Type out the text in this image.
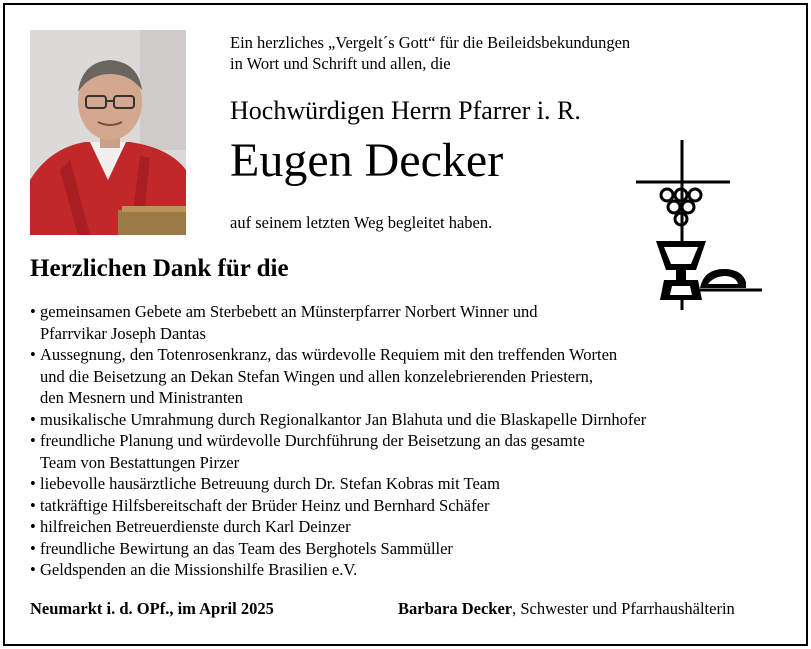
Ein herzliches „Vergelt´s Gott“ für die Beileidsbekundungen
in Wort und Schrift und allen, die
Hochwürdigen Herrn Pfarrer i. R.
Eugen Decker
auf seinem letzten Weg begleitet haben.
Herzlichen Dank für die
• gemeinsamen Gebete am Sterbebett an Münsterpfarrer Norbert Winner und
Pfarrvikar Joseph Dantas
• Aussegnung, den Totenrosenkranz, das würdevolle Requiem mit den treffenden Worten
und die Beisetzung an Dekan Stefan Wingen und allen konzelebrierenden Priestern,
den Mesnern und Ministranten
• musikalische Umrahmung durch Regionalkantor Jan Blahuta und die Blaskapelle Dirnhofer
• freundliche Planung und würdevolle Durchführung der Beisetzung an das gesamte
Team von Bestattungen Pirzer
• liebevolle hausärztliche Betreuung durch Dr. Stefan Kobras mit Team
• tatkräftige Hilfsbereitschaft der Brüder Heinz und Bernhard Schäfer
• hilfreichen Betreuerdienste durch Karl Deinzer
• freundliche Bewirtung an das Team des Berghotels Sammüller
• Geldspenden an die Missionshilfe Brasilien e.V.
Neumarkt i. d. OPf., im April 2025	Barbara Decker, Schwester und Pfarrhaushälterin
